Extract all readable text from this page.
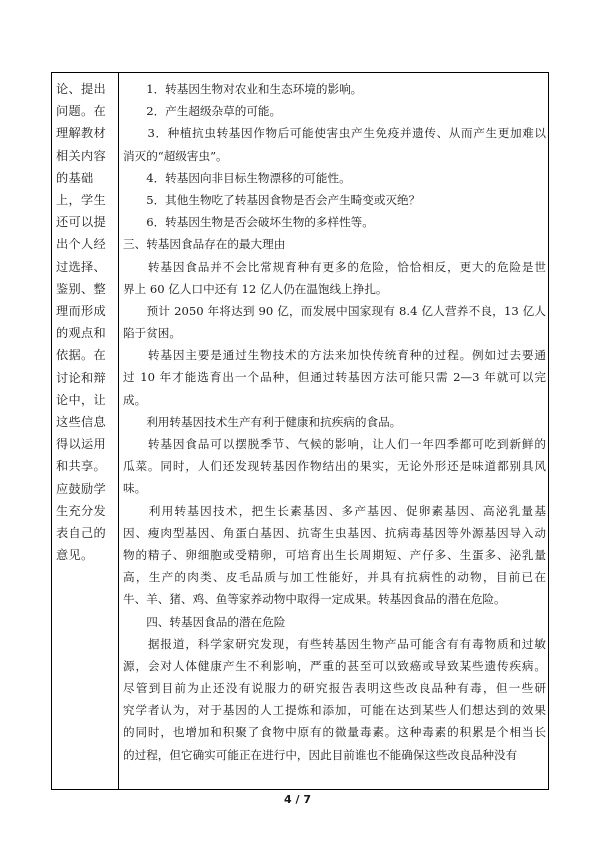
论、提出
问题。在
理解教材
相关内容
的基础
上，学生
还可以提
出个人经
过选择、
鉴别、整
理而形成
的观点和
依据。在
讨论和辩
论中，让
这些信息
得以运用
和共享。
应鼓励学
生充分发
表自己的
意见。
　　1．转基因生物对农业和生态环境的影响。
　　2．产生超级杂草的可能。
　　3．种植抗虫转基因作物后可能使害虫产生免疫并遗传、从而产生更加难以
消灭的“超级害虫”。
　　4．转基因向非目标生物漂移的可能性。
　　5．其他生物吃了转基因食物是否会产生畸变或灭绝？
　　6．转基因生物是否会破坏生物的多样性等。
三、转基因食品存在的最大理由
　　转基因食品并不会比常规育种有更多的危险，恰恰相反，更大的危险是世
界上 60 亿人口中还有 12 亿人仍在温饱线上挣扎。
　　预计 2050 年将达到 90 亿，而发展中国家现有 8.4 亿人营养不良，13 亿人
陷于贫困。
　　转基因主要是通过生物技术的方法来加快传统育种的过程。例如过去要通
过 10 年才能选育出一个品种，但通过转基因方法可能只需 2—3 年就可以完
成。
　　利用转基因技术生产有利于健康和抗疾病的食品。
　　转基因食品可以摆脱季节、气候的影响，让人们一年四季都可吃到新鲜的
瓜菜。同时，人们还发现转基因作物结出的果实，无论外形还是味道都别具风
味。
　　利用转基因技术，把生长素基因、多产基因、促卵素基因、高泌乳量基
因、瘦肉型基因、角蛋白基因、抗寄生虫基因、抗病毒基因等外源基因导入动
物的精子、卵细胞或受精卵，可培育出生长周期短、产仔多、生蛋多、泌乳量
高，生产的肉类、皮毛品质与加工性能好，并具有抗病性的动物，目前已在
牛、羊、猪、鸡、鱼等家养动物中取得一定成果。转基因食品的潜在危险。
　　四、转基因食品的潜在危险
　　据报道，科学家研究发现，有些转基因生物产品可能含有有毒物质和过敏
源，会对人体健康产生不利影响，严重的甚至可以致癌或导致某些遗传疾病。
尽管到目前为止还没有说服力的研究报告表明这些改良品种有毒，但一些研
究学者认为，对于基因的人工提炼和添加，可能在达到某些人们想达到的效果
的同时，也增加和积聚了食物中原有的微量毒素。这种毒素的积累是个相当长
的过程，但它确实可能正在进行中，因此目前谁也不能确保这些改良品种没有
4 / 7
